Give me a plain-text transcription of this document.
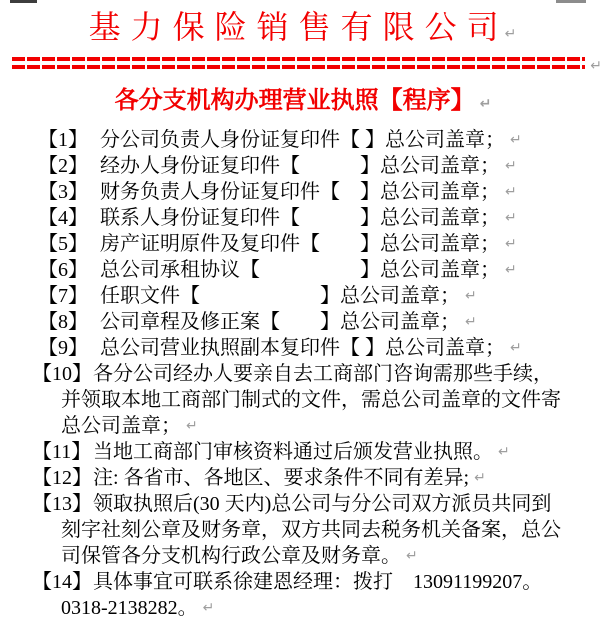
基 力 保 险 销 售 有 限 公 司 ↵
↵
各分支机构办理营业执照【程序】 ↵
【1】 分公司负责人身份证复印件【 】总公司盖章； ↵
【2】 经办人身份证复印件【　　　】总公司盖章； ↵
【3】 财务负责人身份证复印件【　】总公司盖章； ↵
【4】 联系人身份证复印件【　　　】总公司盖章； ↵
【5】 房产证明原件及复印件【　　】总公司盖章； ↵
【6】 总公司承租协议【　　　　　】总公司盖章； ↵
【7】 任职文件【　　　　　　】总公司盖章； ↵
【8】 公司章程及修正案【　　】总公司盖章； ↵
【9】 总公司营业执照副本复印件【 】总公司盖章； ↵
【10】 各分公司经办人要亲自去工商部门咨询需那些手续，
并领取本地工商部门制式的文件，需总公司盖章的文件寄
总公司盖章； ↵
【11】 当地工商部门审核资料通过后颁发营业执照。 ↵
【12】 注: 各省市、各地区、要求条件不同有差异; ↵
【13】 领取执照后(30 天内)总公司与分公司双方派员共同到
刻字社刻公章及财务章，双方共同去税务机关备案，总公
司保管各分支机构行政公章及财务章。 ↵
【14】 具体事宜可联系徐建恩经理：拨打　13091199207。
0318-2138282。 ↵
